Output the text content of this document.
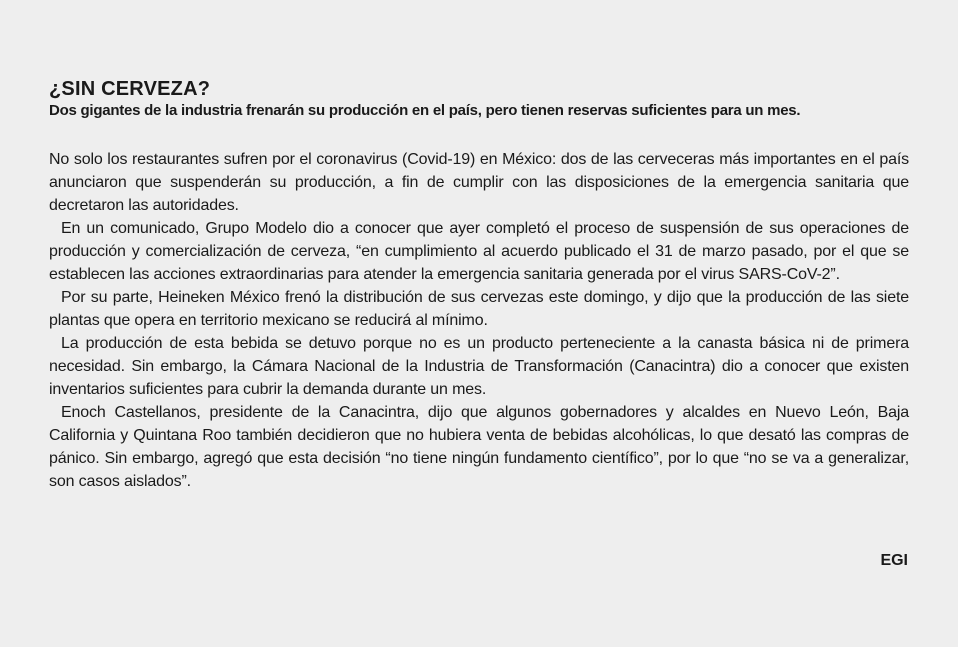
¿SIN CERVEZA?

Dos gigantes de la industria frenarán su producción en el país, pero tienen reservas suficientes para un mes.

No solo los restaurantes sufren por el coronavirus (Covid-19) en México: dos de las cerveceras más importantes en el país anunciaron que suspenderán su producción, a fin de cumplir con las disposiciones de la emergencia sanitaria que decretaron las autoridades.

En un comunicado, Grupo Modelo dio a conocer que ayer completó el proceso de suspensión de sus operaciones de producción y comercialización de cerveza, “en cumplimiento al acuerdo publicado el 31 de marzo pasado, por el que se establecen las acciones extraordinarias para atender la emergencia sanitaria generada por el virus SARS-CoV-2”.

Por su parte, Heineken México frenó la distribución de sus cervezas este domingo, y dijo que la producción de las siete plantas que opera en territorio mexicano se reducirá al mínimo.

La producción de esta bebida se detuvo porque no es un producto perteneciente a la canasta básica ni de primera necesidad. Sin embargo, la Cámara Nacional de la Industria de Transformación (Canacintra) dio a conocer que existen inventarios suficientes para cubrir la demanda durante un mes.

Enoch Castellanos, presidente de la Canacintra, dijo que algunos gobernadores y alcaldes en Nuevo León, Baja California y Quintana Roo también decidieron que no hubiera venta de bebidas alcohólicas, lo que desató las compras de pánico. Sin embargo, agregó que esta decisión “no tiene ningún fundamento científico”, por lo que “no se va a generalizar, son casos aislados”.

EGI
